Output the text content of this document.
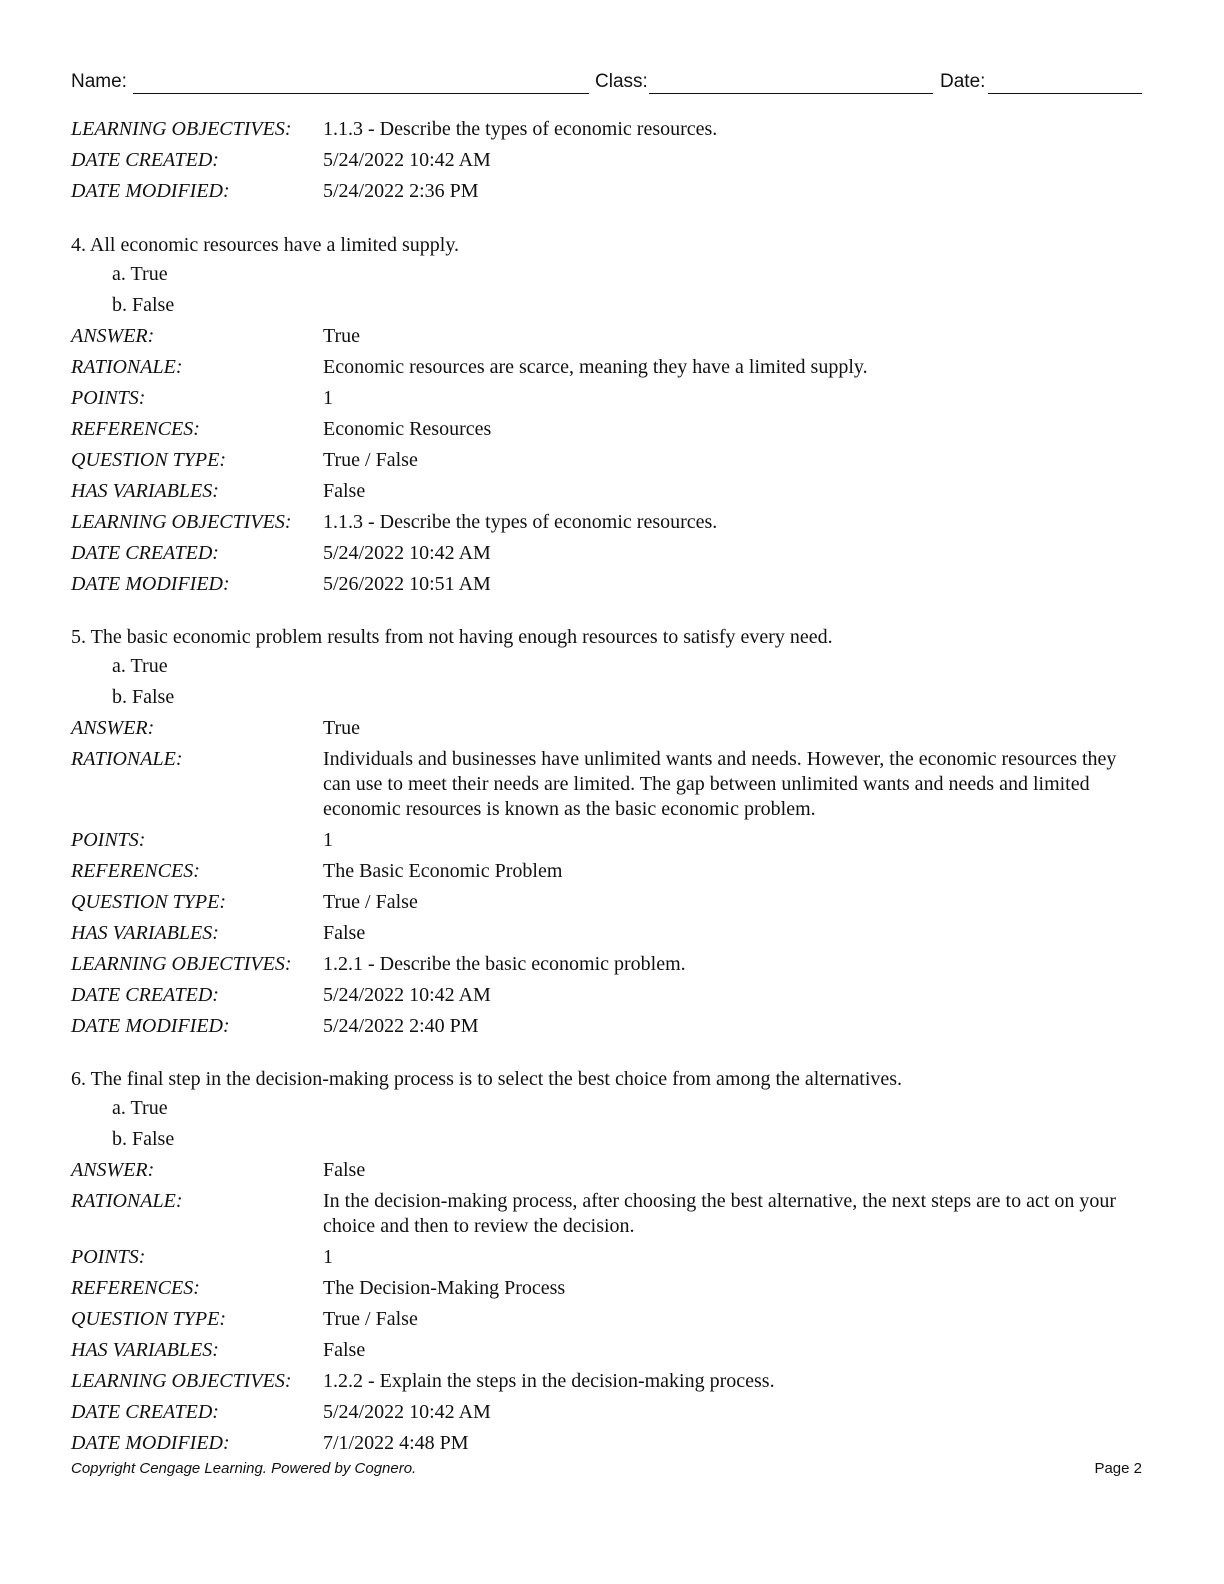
Name:	Class:	Date:
LEARNING OBJECTIVES:	1.1.3 - Describe the types of economic resources.
DATE CREATED:	5/24/2022 10:42 AM
DATE MODIFIED:	5/24/2022 2:36 PM
4. All economic resources have a limited supply.
a. True
b. False
ANSWER:	True
RATIONALE:	Economic resources are scarce, meaning they have a limited supply.
POINTS:	1
REFERENCES:	Economic Resources
QUESTION TYPE:	True / False
HAS VARIABLES:	False
LEARNING OBJECTIVES:	1.1.3 - Describe the types of economic resources.
DATE CREATED:	5/24/2022 10:42 AM
DATE MODIFIED:	5/26/2022 10:51 AM
5. The basic economic problem results from not having enough resources to satisfy every need.
a. True
b. False
ANSWER:	True
RATIONALE:	Individuals and businesses have unlimited wants and needs. However, the economic resources they can use to meet their needs are limited. The gap between unlimited wants and needs and limited economic resources is known as the basic economic problem.
POINTS:	1
REFERENCES:	The Basic Economic Problem
QUESTION TYPE:	True / False
HAS VARIABLES:	False
LEARNING OBJECTIVES:	1.2.1 - Describe the basic economic problem.
DATE CREATED:	5/24/2022 10:42 AM
DATE MODIFIED:	5/24/2022 2:40 PM
6. The final step in the decision-making process is to select the best choice from among the alternatives.
a. True
b. False
ANSWER:	False
RATIONALE:	In the decision-making process, after choosing the best alternative, the next steps are to act on your choice and then to review the decision.
POINTS:	1
REFERENCES:	The Decision-Making Process
QUESTION TYPE:	True / False
HAS VARIABLES:	False
LEARNING OBJECTIVES:	1.2.2 - Explain the steps in the decision-making process.
DATE CREATED:	5/24/2022 10:42 AM
DATE MODIFIED:	7/1/2022 4:48 PM
Copyright Cengage Learning. Powered by Cognero.	Page 2
